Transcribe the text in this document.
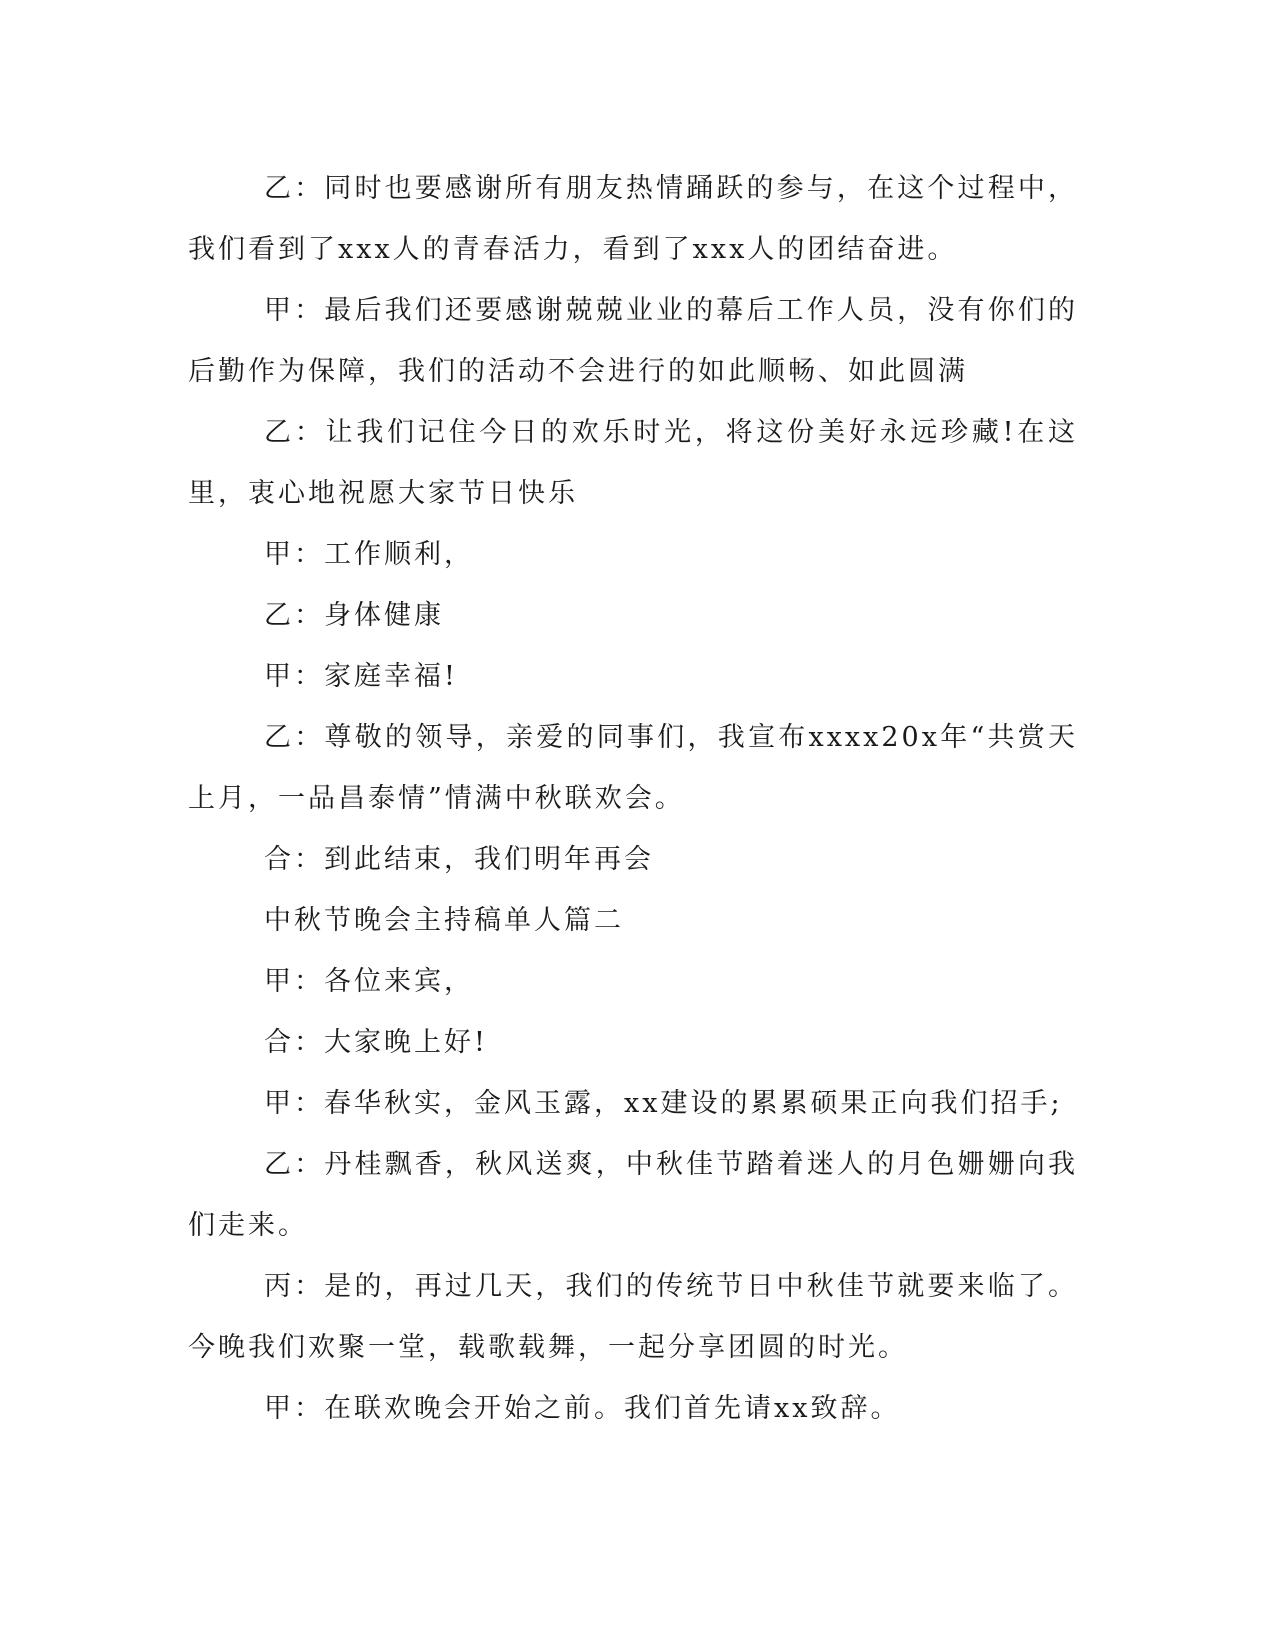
乙：同时也要感谢所有朋友热情踊跃的参与，在这个过程中，我们看到了xxx人的青春活力，看到了xxx人的团结奋进。

甲：最后我们还要感谢兢兢业业的幕后工作人员，没有你们的后勤作为保障，我们的活动不会进行的如此顺畅、如此圆满

乙：让我们记住今日的欢乐时光，将这份美好永远珍藏!在这里，衷心地祝愿大家节日快乐

甲：工作顺利，

乙：身体健康

甲：家庭幸福!

乙：尊敬的领导，亲爱的同事们，我宣布xxxx20x年“共赏天上月，一品昌泰情”情满中秋联欢会。

合：到此结束，我们明年再会

中秋节晚会主持稿单人篇二

甲：各位来宾，

合：大家晚上好!

甲：春华秋实，金风玉露，xx建设的累累硕果正向我们招手;

乙：丹桂飘香，秋风送爽，中秋佳节踏着迷人的月色姗姗向我们走来。

丙：是的，再过几天，我们的传统节日中秋佳节就要来临了。今晚我们欢聚一堂，载歌载舞，一起分享团圆的时光。

甲：在联欢晚会开始之前。我们首先请xx致辞。
